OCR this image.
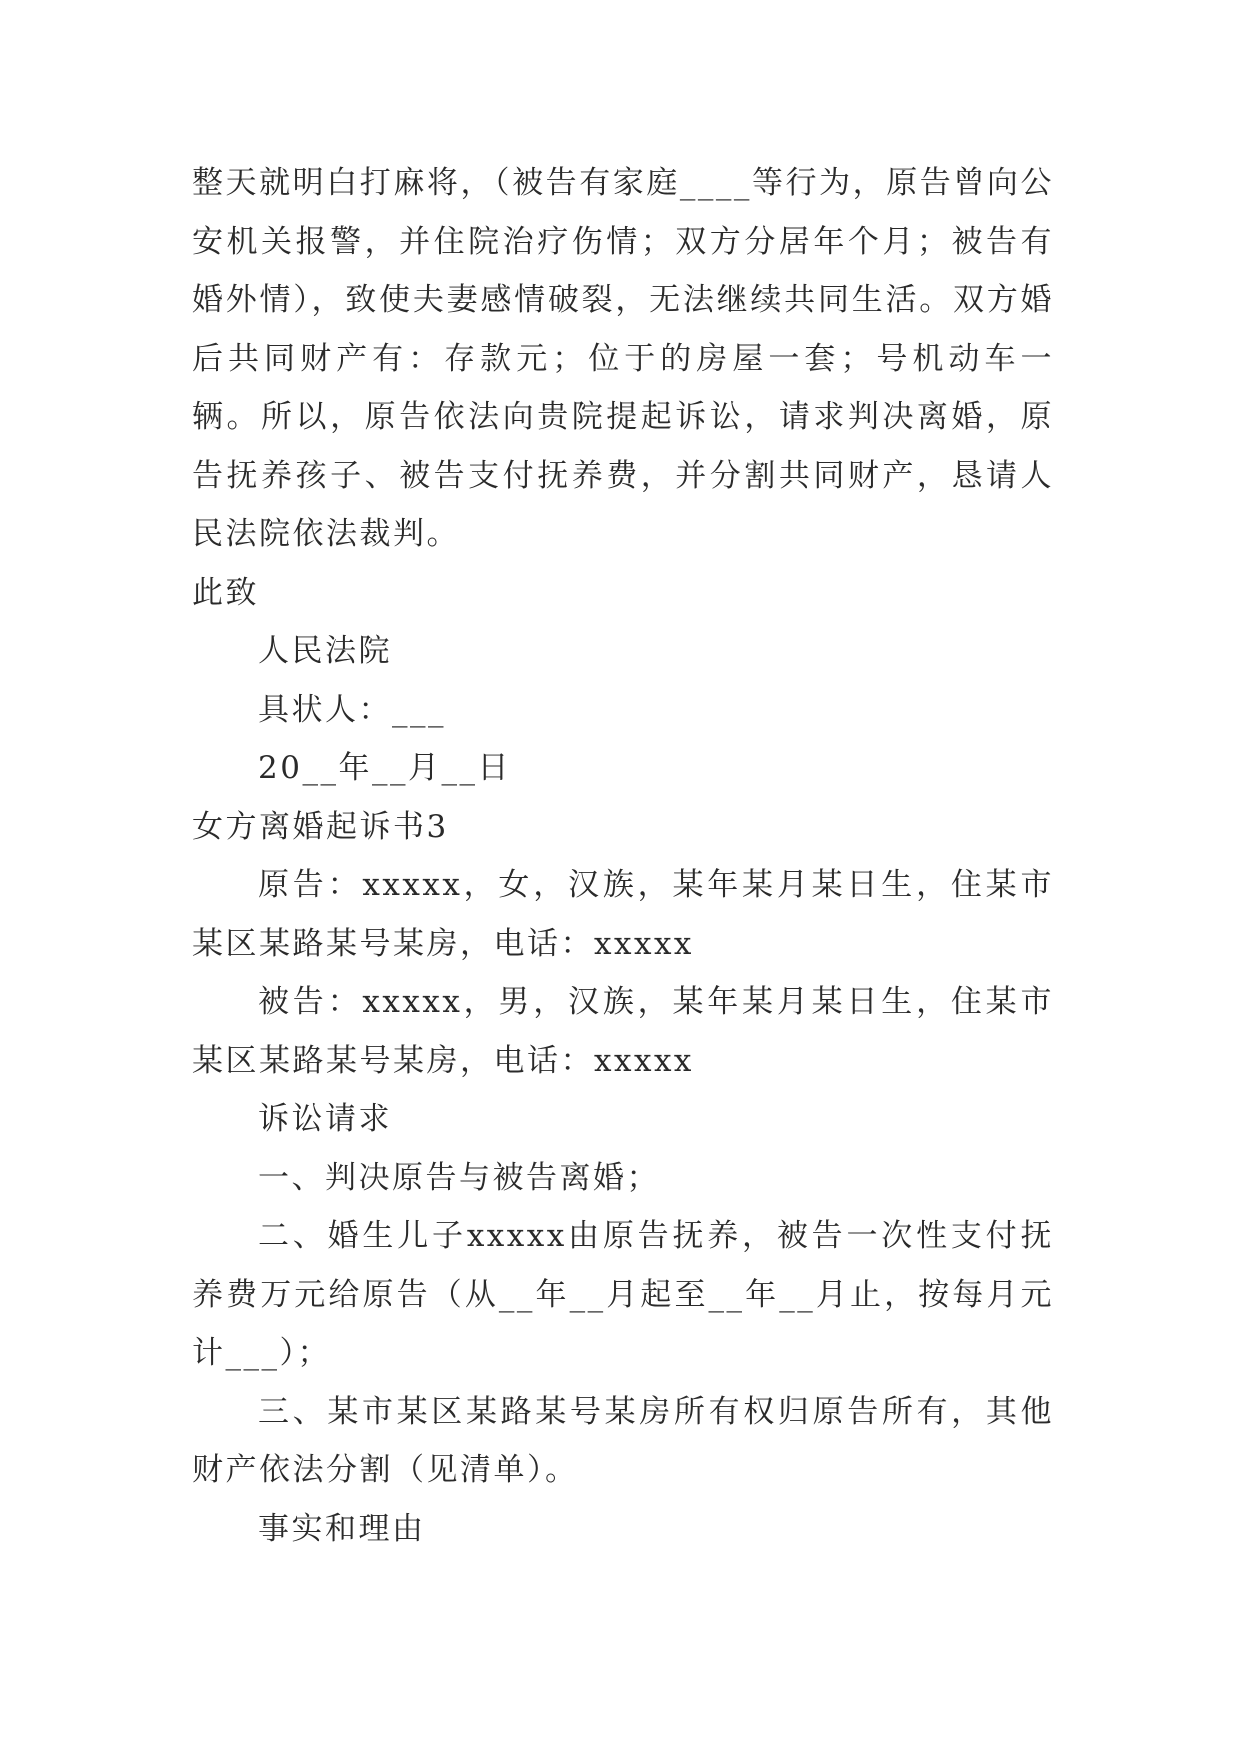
整天就明白打麻将，（被告有家庭____等行为，原告曾向公安机关报警，并住院治疗伤情；双方分居年个月；被告有婚外情），致使夫妻感情破裂，无法继续共同生活。双方婚后共同财产有：存款元；位于的房屋一套；号机动车一辆。所以，原告依法向贵院提起诉讼，请求判决离婚，原告抚养孩子、被告支付抚养费，并分割共同财产，恳请人民法院依法裁判。

此致

人民法院

具状人：___

20__年__月__日

女方离婚起诉书3

原告：xxxxx，女，汉族，某年某月某日生，住某市某区某路某号某房，电话：xxxxx

被告：xxxxx，男，汉族，某年某月某日生，住某市某区某路某号某房，电话：xxxxx

诉讼请求

一、判决原告与被告离婚；

二、婚生儿子xxxxx由原告抚养，被告一次性支付抚养费万元给原告（从__年__月起至__年__月止，按每月元计___）；

三、某市某区某路某号某房所有权归原告所有，其他财产依法分割（见清单）。

事实和理由
